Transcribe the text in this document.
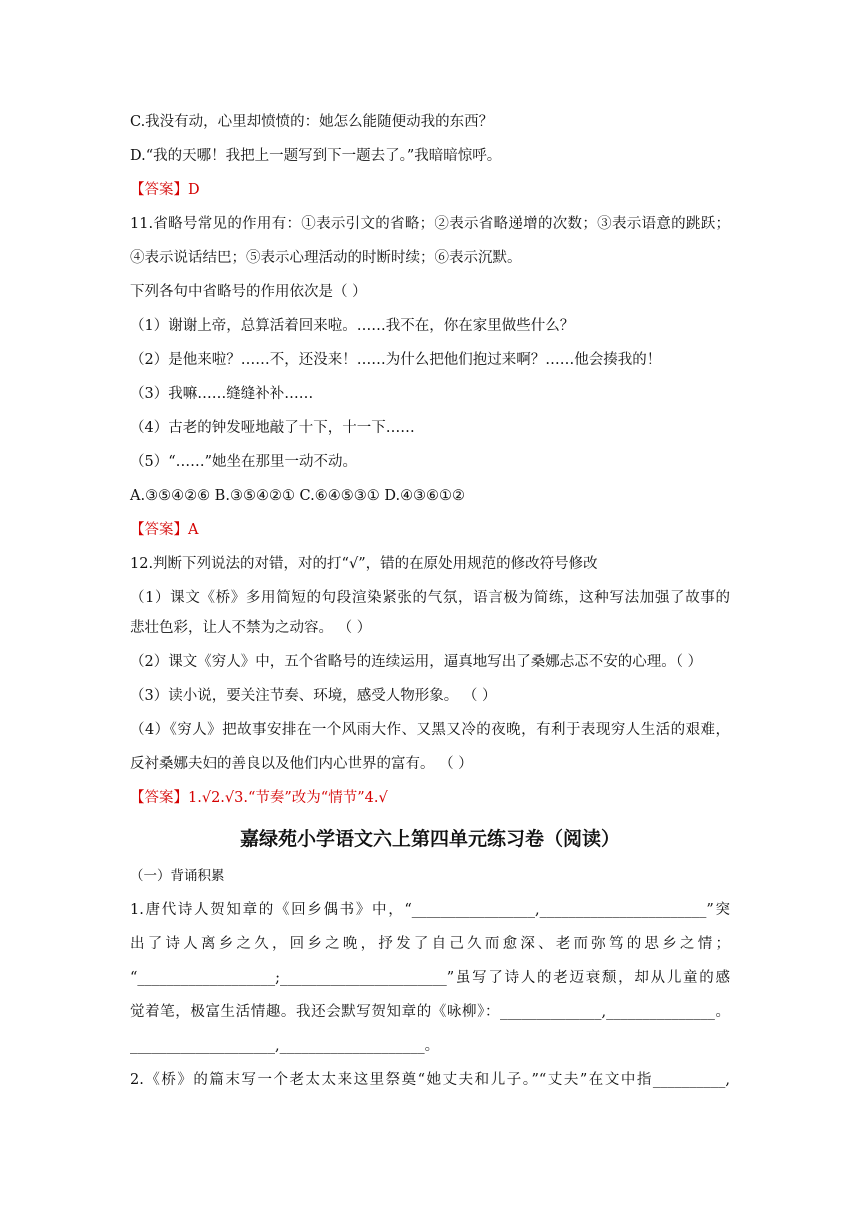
C.我没有动，心里却愤愤的：她怎么能随便动我的东西？
D.“我的天哪！我把上一题写到下一题去了。”我暗暗惊呼。
【答案】D
11.省略号常见的作用有：①表示引文的省略；②表示省略递增的次数；③表示语意的跳跃；
④表示说话结巴；⑤表示心理活动的时断时续；⑥表示沉默。
下列各句中省略号的作用依次是（ ）
（1）谢谢上帝，总算活着回来啦。……我不在，你在家里做些什么？
（2）是他来啦？……不，还没来！……为什么把他们抱过来啊？……他会揍我的！
（3）我嘛……缝缝补补……
（4）古老的钟发哑地敲了十下，十一下……
（5）“……”她坐在那里一动不动。
A.③⑤④②⑥ B.③⑤④②① C.⑥④⑤③① D.④③⑥①②
【答案】A
12.判断下列说法的对错，对的打“√”，错的在原处用规范的修改符号修改
（1）课文《桥》多用简短的句段渲染紧张的气氛，语言极为简练，这种写法加强了故事的
悲壮色彩，让人不禁为之动容。 （ ）
（2）课文《穷人》中，五个省略号的连续运用，逼真地写出了桑娜忐忑不安的心理。（ ）
（3）读小说，要关注节奏、环境，感受人物形象。 （ ）
（4）《穷人》把故事安排在一个风雨大作、又黑又冷的夜晚，有利于表现穷人生活的艰难，
反衬桑娜夫妇的善良以及他们内心世界的富有。 （ ）
【答案】1.√2.√3.“节奏”改为“情节”4.√
嘉绿苑小学语文六上第四单元练习卷（阅读）
（一）背诵积累
1.唐代诗人贺知章的《回乡偶书》中，“_________________,_______________________”突
出了诗人离乡之久，回乡之晚，抒发了自己久而愈深、老而弥笃的思乡之情；
“___________________;_______________________”虽写了诗人的老迈衰颓，却从儿童的感
觉着笔，极富生活情趣。我还会默写贺知章的《咏柳》：______________,_______________。
____________________,____________________。
2.《桥》的篇末写一个老太太来这里祭奠“她丈夫和儿子。”“丈夫”在文中指__________,
